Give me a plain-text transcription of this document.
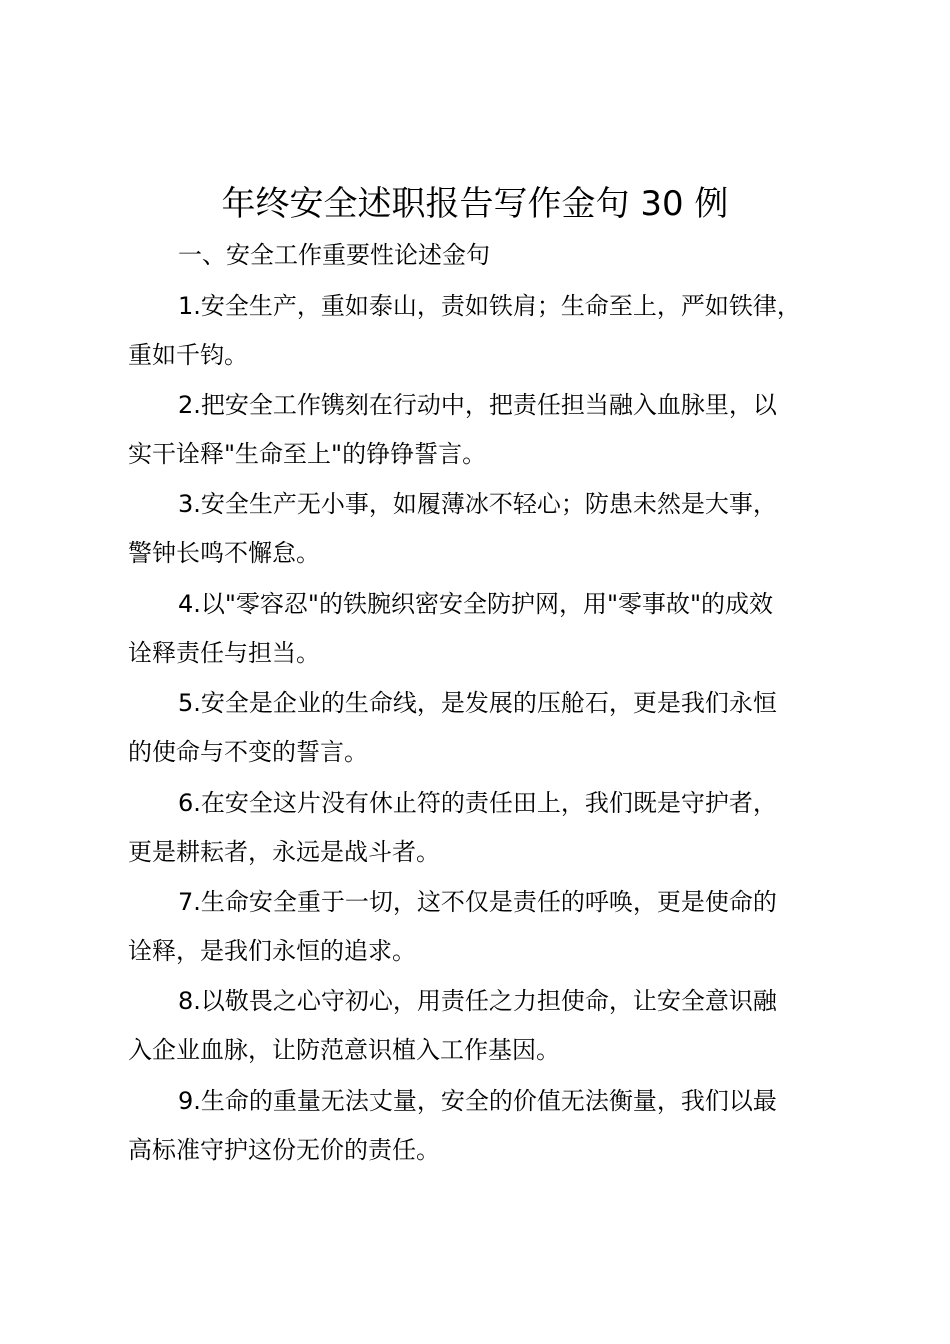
年终安全述职报告写作金句 30 例
一、安全工作重要性论述金句
1.安全生产，重如泰山，责如铁肩；生命至上，严如铁律，
重如千钧。
2.把安全工作镌刻在行动中，把责任担当融入血脉里，以
实干诠释"生命至上"的铮铮誓言。
3.安全生产无小事，如履薄冰不轻心；防患未然是大事，
警钟长鸣不懈怠。
4.以"零容忍"的铁腕织密安全防护网，用"零事故"的成效
诠释责任与担当。
5.安全是企业的生命线，是发展的压舱石，更是我们永恒
的使命与不变的誓言。
6.在安全这片没有休止符的责任田上，我们既是守护者，
更是耕耘者，永远是战斗者。
7.生命安全重于一切，这不仅是责任的呼唤，更是使命的
诠释，是我们永恒的追求。
8.以敬畏之心守初心，用责任之力担使命，让安全意识融
入企业血脉，让防范意识植入工作基因。
9.生命的重量无法丈量，安全的价值无法衡量，我们以最
高标准守护这份无价的责任。
